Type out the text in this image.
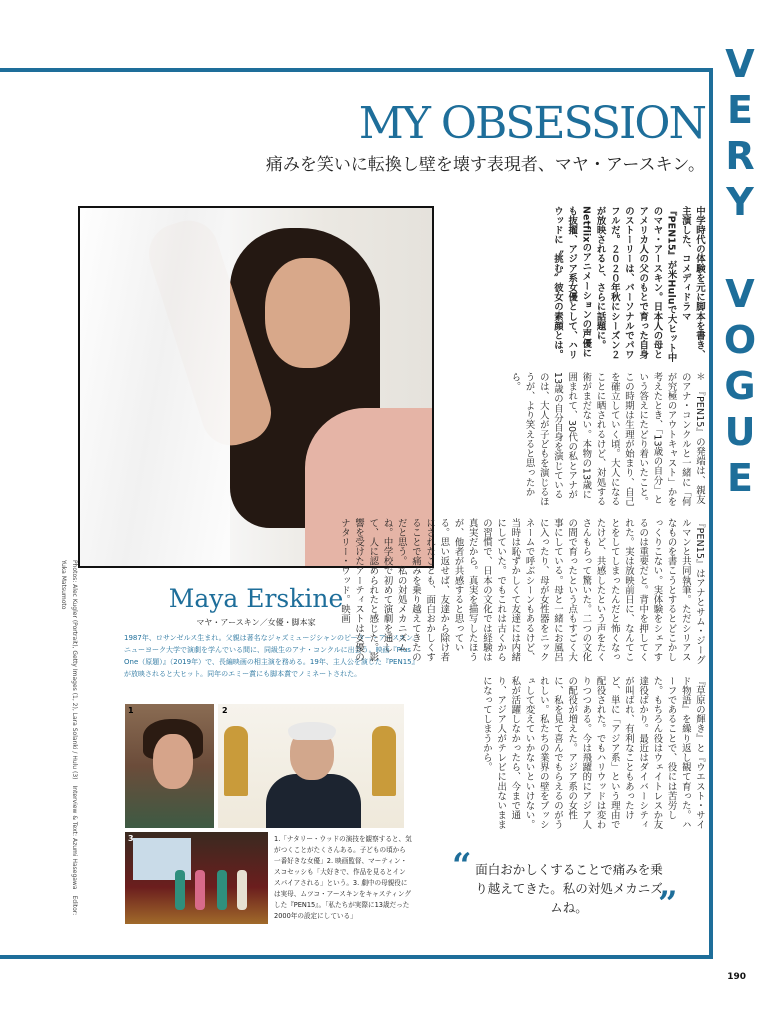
VERY VOGUE
MY OBSESSION
痛みを笑いに転換し壁を壊す表現者、マヤ・アースキン。
Maya Erskine
マヤ・アースキン／女優・脚本家
1987年、ロサンゼルス生まれ。父親は著名なジャズミュージシャンのピーター・アースキン。ニューヨーク大学で演劇を学んでいる間に、同級生のアナ・コンクルに出会う。映画『Plus One（原題）』（2019年）で、長編映画の相主演を務める。19年、主人公を演じた『PEN15』が放映されると大ヒット。同年のエミー賞にも脚本賞でノミネートされた。
Photos: Alec Kugler (Portrait), Getty Images (1, 2), Lara Solanki / Hulu (3)　Interview & Text: Azumi Hasegawa　Editor: Yuka Matsumoto
1	2
3	1.「ナタリー・ウッドの演技を観察すると、気がつくことがたくさんある。子どもの頃から一番好きな女優」2. 映画監督、マーティン・スコセッシも「大好きで、作品を見るとインスパイアされる」という。3. 劇中の母親役には実母、ムツコ・アースキンをキャスティングした『PEN15』。「私たちが実際に13歳だった2000年の設定にしている」
“ 面白おかしくすることで痛みを乗り越えてきた。私の対処メカニズムね。	”
中学時代の体験を元に脚本を書き、主演した、コメディドラマ『PEN15』が米Huluで大ヒット中のマヤ・アースキン。日本人の母とアメリカ人の父のもとで育った自身のストーリーは、パーソナルでパワフルだ。２０２０年秋にシーズン２が放映されると、さらに話題に。Netflixのアニメーションの声優にも抜擢、アジア系女優として、ハリウッドに〝挑む〟彼女の素顔とは。
＊　『PEN15』の発端は、親友のアナ・コンクルと一緒に「何が究極のアウトキャスト」かを考えたとき、「13歳の自分」という答えにたどり着いたこと。この時期は生理が始まり、自己を確立していく頃。大人になることに晒されるけど、対処する術がまだない。本物の13歳に囲まれて、30代の私とアナが13歳の自分自身を演じているのは、大人が子どもを演じるほうが、より笑えると思ったから。
『PEN15』はアナとサム・ジーグルマンと共同執筆。ただシリアスなものを書こうとするとどこかしっくりこない。実体験をシェアするのは重要だと。背中を押してくれた。実は放映前日に、なんてことをしてしまったんだと怖くなったけど、共感したという声をたくさんもらって驚いた。二つの文化の間で育ったという点もすごく大事にしている。母と一緒にお風呂に入ったり、母が女性器をニックネームで呼ぶシーンもあるけど、当時は恥ずかしくて友達には内緒にしていた。でもこれは古くからの習慣で、日本の文化では経験は真実だから。真実を描写したほうが、他者が共感すると思っている。思い返せば、友達から除け者にされたことも、面白おかしくすることで痛みを乗り越えてきたのだと思う。私の対処メカニズムね。中学校で初めて演劇を通して、人に認められたと感じた。影響を受けたアーティストは女優のナタリー・ウッド。映画
『草原の輝き』と『ウエスト・サイド物語』を繰り返し観て育った。ハーフであることで、役には苦労した。もちろん役はウェイトレスか友達役ばかり。最近はダイバーシティが叫ばれ、有利なこともあったけど、単に「アジア系」という理由で配役された。でもハリウッドは変わりつつある。今は飛躍的にアジア人の配役が増えた。アジア系の女性に、私を見て喜んでもらえるのがうれしい。私たちの業界の壁をプッシュして変えていかないといけない。私が活躍しなかったら、今まで通り、アジア人がテレビに出ないままになってしまうから。
190
